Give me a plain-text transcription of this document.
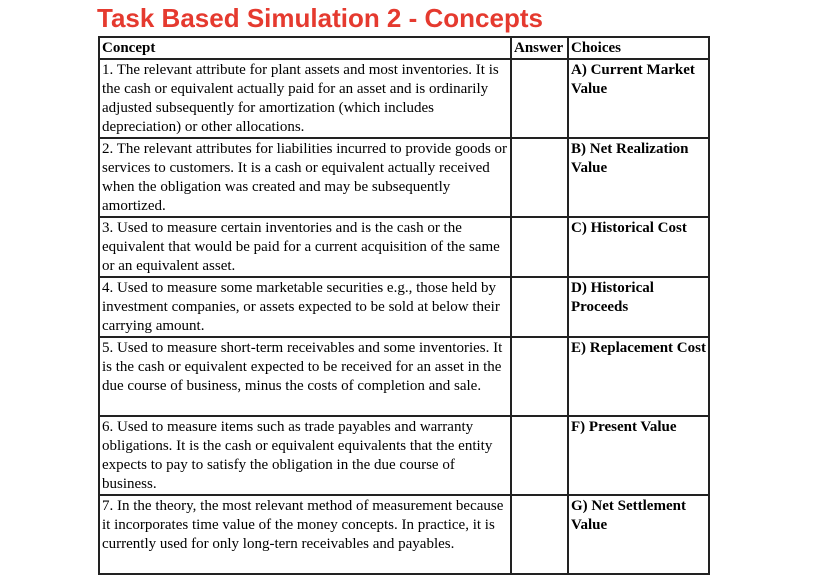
Task Based Simulation 2 - Concepts
Concept	Answer	Choices
1. The relevant attribute for plant assets and most inventories. It is the cash or equivalent actually paid for an asset and is ordinarily adjusted subsequently for amortization (which includes depreciation) or other allocations.		A) Current Market Value
2. The relevant attributes for liabilities incurred to provide goods or services to customers. It is a cash or equivalent actually received when the obligation was created and may be subsequently amortized.		B) Net Realization Value
3. Used to measure certain inventories and is the cash or the equivalent that would be paid for a current acquisition of the same or an equivalent asset.		C) Historical Cost
4. Used to measure some marketable securities e.g., those held by investment companies, or assets expected to be sold at below their carrying amount.		D) Historical Proceeds
5. Used to measure short-term receivables and some inventories. It is the cash or equivalent expected to be received for an asset in the due course of business, minus the costs of completion and sale.		E) Replacement Cost
6. Used to measure items such as trade payables and warranty obligations. It is the cash or equivalent equivalents that the entity expects to pay to satisfy the obligation in the due course of business.		F) Present Value
7. In the theory, the most relevant method of measurement because it incorporates time value of the money concepts. In practice, it is currently used for only long-tern receivables and payables.		G) Net Settlement Value
